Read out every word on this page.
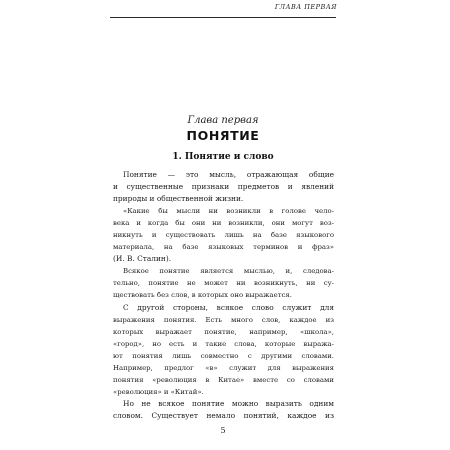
ГЛАВА ПЕРВАЯ
Глава первая
ПОНЯТИЕ
1. Понятие и слово
Понятие — это мысль, отражающая общие
и существенные признаки предметов и явлений
природы и общественной жизни.
«Какие бы мысли ни возникли в голове чело-
века и когда бы они ни возникли, они могут воз-
никнуть и существовать лишь на базе языкового
материала, на базе языковых терминов и фраз»
(И. В. Сталин).
Всякое понятие является мыслью, и, следова-
тельно, понятие не может ни возникнуть, ни су-
ществовать без слов, в которых оно выражается.
С другой стороны, всякое слово служит для
выражения понятия. Есть много слов, каждое из
которых выражает понятие, например, «школа»,
«город», но есть и такие слова, которые выража-
ют понятия лишь совместно с другими словами.
Например, предлог «в» служит для выражения
понятия «революция в Китае» вместе со словами
«революция» и «Китай».
Но не всякое понятие можно выразить одним
словом. Существует немало понятий, каждое из
5
